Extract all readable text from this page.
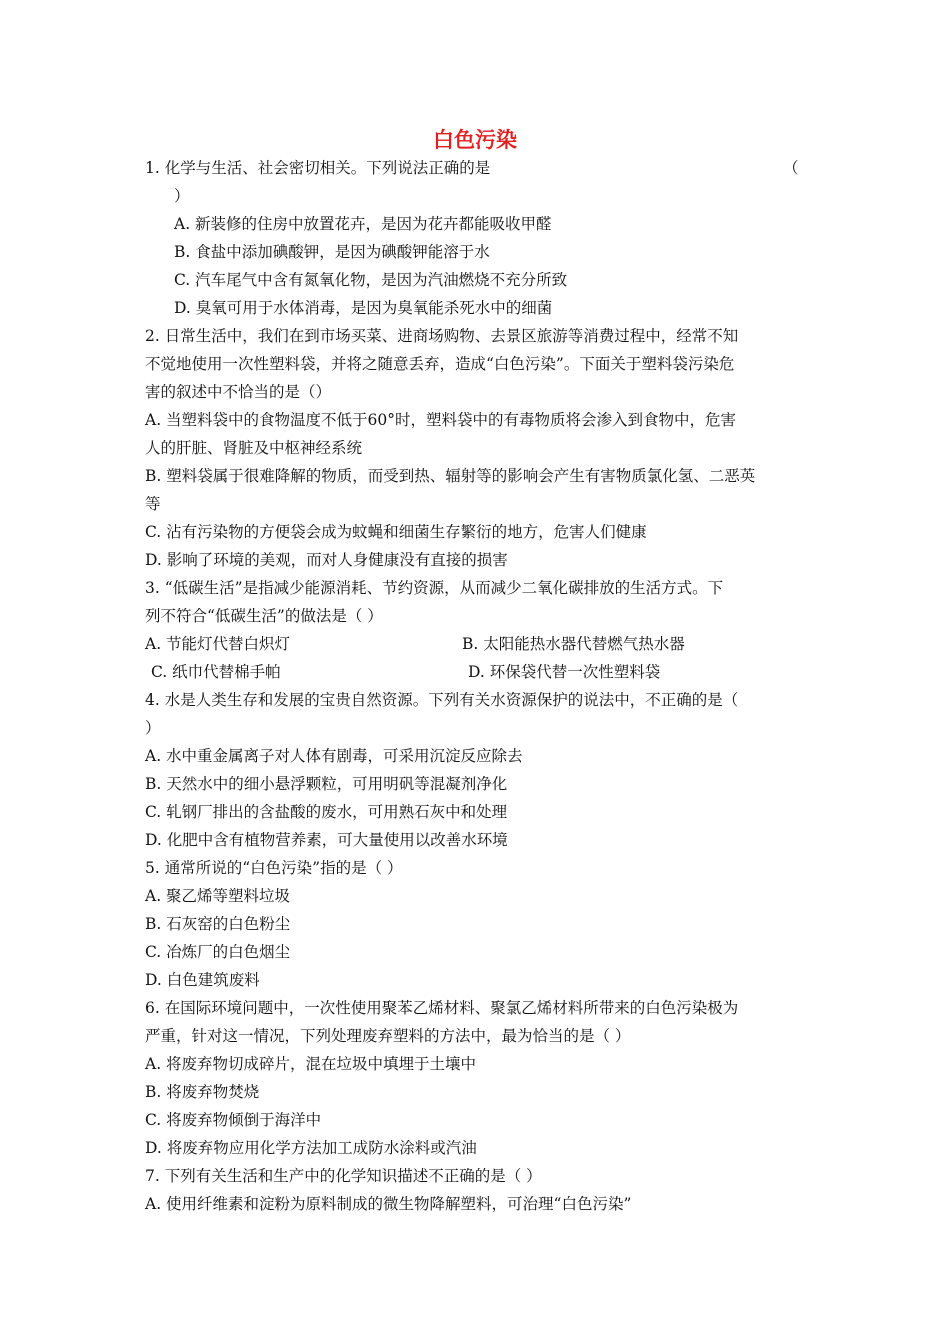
白色污染
1. 化学与生活、社会密切相关。下列说法正确的是	（
）
A. 新装修的住房中放置花卉，是因为花卉都能吸收甲醛
B. 食盐中添加碘酸钾，是因为碘酸钾能溶于水
C. 汽车尾气中含有氮氧化物，是因为汽油燃烧不充分所致
D. 臭氧可用于水体消毒，是因为臭氧能杀死水中的细菌
2. 日常生活中，我们在到市场买菜、进商场购物、去景区旅游等消费过程中，经常不知
不觉地使用一次性塑料袋，并将之随意丢弃，造成“白色污染”。下面关于塑料袋污染危
害的叙述中不恰当的是（）
A. 当塑料袋中的食物温度不低于60°时，塑料袋中的有毒物质将会渗入到食物中，危害
人的肝脏、肾脏及中枢神经系统
B. 塑料袋属于很难降解的物质，而受到热、辐射等的影响会产生有害物质氯化氢、二恶英
等
C. 沾有污染物的方便袋会成为蚊蝇和细菌生存繁衍的地方，危害人们健康
D. 影响了环境的美观，而对人身健康没有直接的损害
3. “低碳生活”是指减少能源消耗、节约资源，从而减少二氧化碳排放的生活方式。下
列不符合“低碳生活”的做法是（ ）
A. 节能灯代替白炽灯	B. 太阳能热水器代替燃气热水器
C. 纸巾代替棉手帕	D. 环保袋代替一次性塑料袋
4. 水是人类生存和发展的宝贵自然资源。下列有关水资源保护的说法中，不正确的是（
）
A. 水中重金属离子对人体有剧毒，可采用沉淀反应除去
B. 天然水中的细小悬浮颗粒，可用明矾等混凝剂净化
C. 轧钢厂排出的含盐酸的废水，可用熟石灰中和处理
D. 化肥中含有植物营养素，可大量使用以改善水环境
5. 通常所说的“白色污染”指的是（ ）
A. 聚乙烯等塑料垃圾
B. 石灰窑的白色粉尘
C. 冶炼厂的白色烟尘
D. 白色建筑废料
6. 在国际环境问题中，一次性使用聚苯乙烯材料、聚氯乙烯材料所带来的白色污染极为
严重，针对这一情况，下列处理废弃塑料的方法中，最为恰当的是（ ）
A. 将废弃物切成碎片，混在垃圾中填埋于土壤中
B. 将废弃物焚烧
C. 将废弃物倾倒于海洋中
D. 将废弃物应用化学方法加工成防水涂料或汽油
7. 下列有关生活和生产中的化学知识描述不正确的是（ ）
A. 使用纤维素和淀粉为原料制成的微生物降解塑料，可治理“白色污染”
